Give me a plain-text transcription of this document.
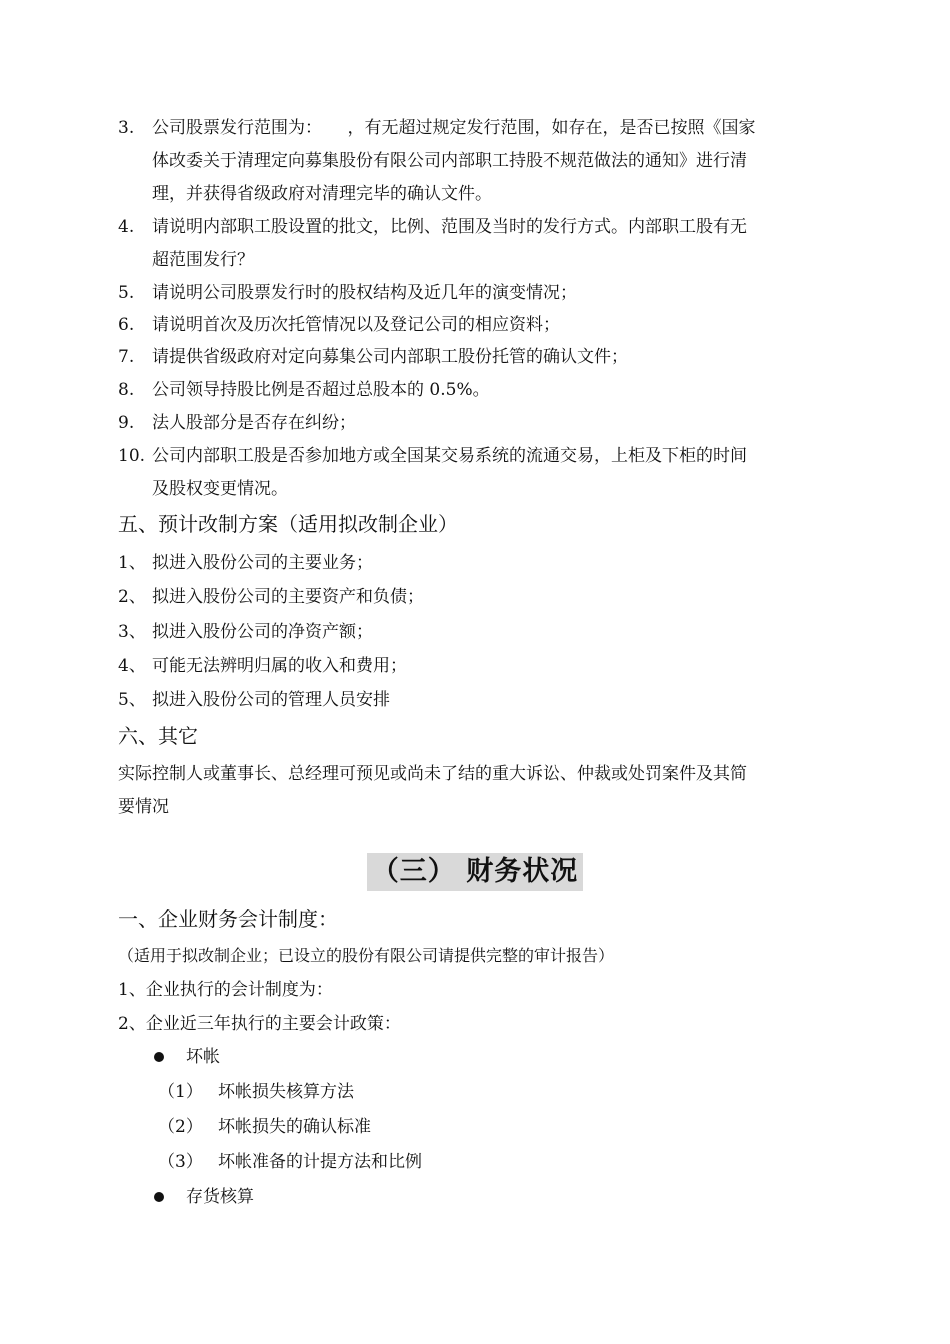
3. 公司股票发行范围为：　　，有无超过规定发行范围，如存在，是否已按照《国家
体改委关于清理定向募集股份有限公司内部职工持股不规范做法的通知》进行清
理，并获得省级政府对清理完毕的确认文件。
4. 请说明内部职工股设置的批文，比例、范围及当时的发行方式。内部职工股有无
超范围发行？
5. 请说明公司股票发行时的股权结构及近几年的演变情况；
6. 请说明首次及历次托管情况以及登记公司的相应资料；
7. 请提供省级政府对定向募集公司内部职工股份托管的确认文件；
8. 公司领导持股比例是否超过总股本的 0.5%。
9. 法人股部分是否存在纠纷；
10. 公司内部职工股是否参加地方或全国某交易系统的流通交易，上柜及下柜的时间
及股权变更情况。
五、预计改制方案（适用拟改制企业）
1、 拟进入股份公司的主要业务；
2、 拟进入股份公司的主要资产和负债；
3、 拟进入股份公司的净资产额；
4、 可能无法辨明归属的收入和费用；
5、 拟进入股份公司的管理人员安排
六、其它
实际控制人或董事长、总经理可预见或尚未了结的重大诉讼、仲裁或处罚案件及其简
要情况
（三） 财务状况
一、企业财务会计制度：
（适用于拟改制企业；已设立的股份有限公司请提供完整的审计报告）
1、企业执行的会计制度为：
2、企业近三年执行的主要会计政策：
坏帐
（1） 坏帐损失核算方法
（2） 坏帐损失的确认标准
（3） 坏帐准备的计提方法和比例
存货核算
